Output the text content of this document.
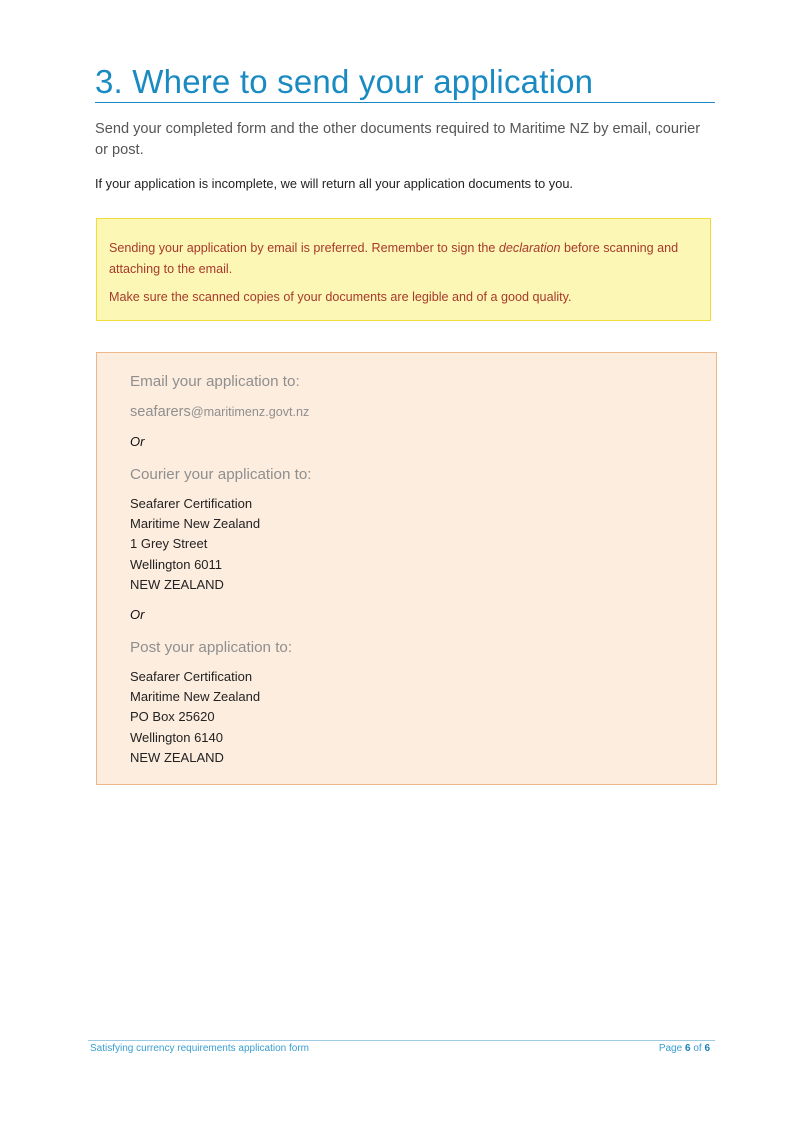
3. Where to send your application

Send your completed form and the other documents required to Maritime NZ by email, courier or post.

If your application is incomplete, we will return all your application documents to you.

Sending your application by email is preferred. Remember to sign the declaration before scanning and attaching to the email.

Make sure the scanned copies of your documents are legible and of a good quality.

Email your application to:
seafarers@maritimenz.govt.nz
Or
Courier your application to:
Seafarer Certification
Maritime New Zealand
1 Grey Street
Wellington 6011
NEW ZEALAND
Or
Post your application to:
Seafarer Certification
Maritime New Zealand
PO Box 25620
Wellington 6140
NEW ZEALAND
Satisfying currency requirements application form	Page 6 of 6
